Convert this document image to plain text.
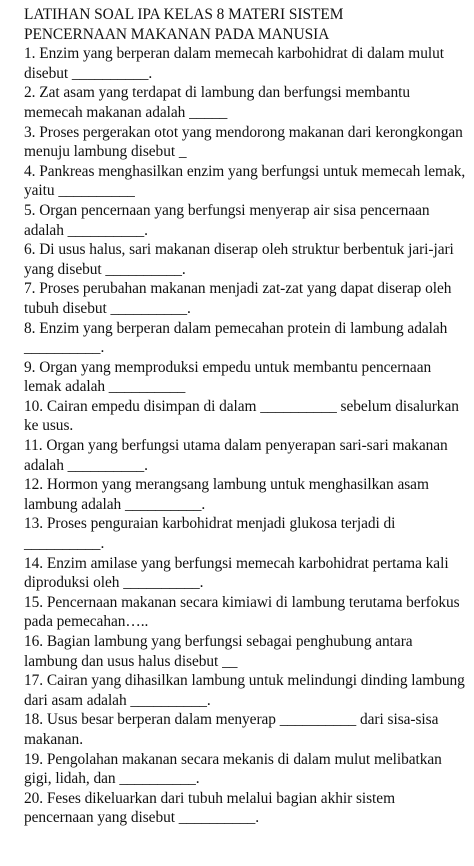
LATIHAN SOAL IPA KELAS 8 MATERI SISTEM
PENCERNAAN MAKANAN PADA MANUSIA
1. Enzim yang berperan dalam memecah karbohidrat di dalam mulut disebut __________.
2. Zat asam yang terdapat di lambung dan berfungsi membantu memecah makanan adalah _____
3. Proses pergerakan otot yang mendorong makanan dari kerongkongan menuju lambung disebut _
4. Pankreas menghasilkan enzim yang berfungsi untuk memecah lemak, yaitu __________
5. Organ pencernaan yang berfungsi menyerap air sisa pencernaan adalah __________.
6. Di usus halus, sari makanan diserap oleh struktur berbentuk jari-jari yang disebut __________.
7. Proses perubahan makanan menjadi zat-zat yang dapat diserap oleh tubuh disebut __________.
8. Enzim yang berperan dalam pemecahan protein di lambung adalah __________.
9. Organ yang memproduksi empedu untuk membantu pencernaan lemak adalah __________
10. Cairan empedu disimpan di dalam __________ sebelum disalurkan ke usus.
11. Organ yang berfungsi utama dalam penyerapan sari-sari makanan adalah __________.
12. Hormon yang merangsang lambung untuk menghasilkan asam lambung adalah __________.
13. Proses penguraian karbohidrat menjadi glukosa terjadi di __________.
14. Enzim amilase yang berfungsi memecah karbohidrat pertama kali diproduksi oleh __________.
15. Pencernaan makanan secara kimiawi di lambung terutama berfokus pada pemecahan…..
16. Bagian lambung yang berfungsi sebagai penghubung antara lambung dan usus halus disebut __
17. Cairan yang dihasilkan lambung untuk melindungi dinding lambung dari asam adalah __________.
18. Usus besar berperan dalam menyerap __________ dari sisa-sisa makanan.
19. Pengolahan makanan secara mekanis di dalam mulut melibatkan gigi, lidah, dan __________.
20. Feses dikeluarkan dari tubuh melalui bagian akhir sistem pencernaan yang disebut __________.
